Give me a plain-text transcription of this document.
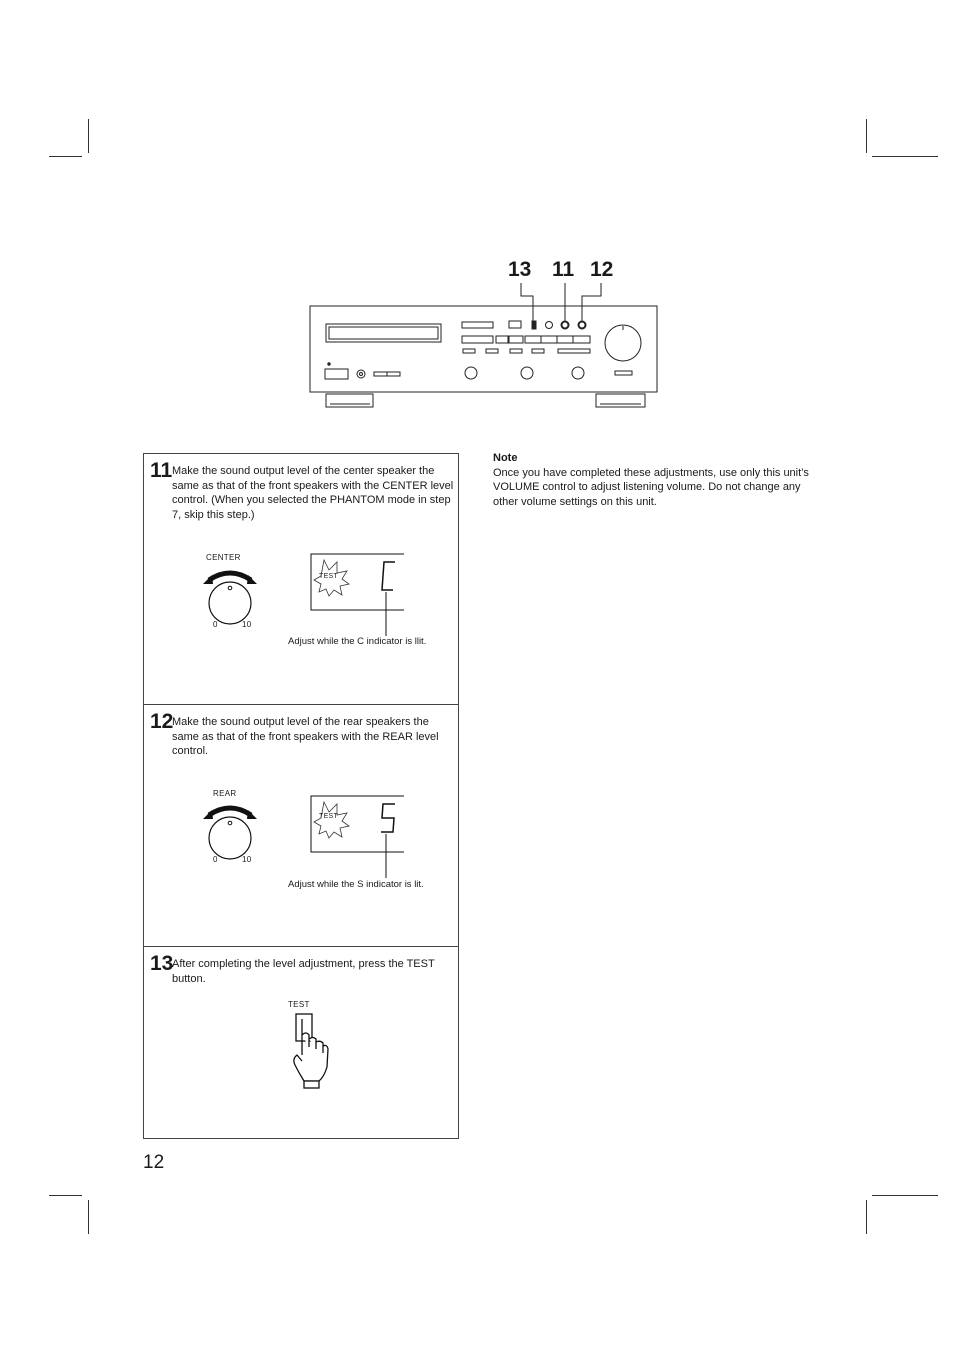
13 11 12
11 Make the sound output level of the center speaker the same as that of the front speakers with the CENTER level control. (When you selected the PHANTOM mode in step 7, skip this step.)
CENTER
0	10
TEST
Adjust while the C indicator is llit.
12
Make the sound output level of the rear speakers the same as that of the front speakers with the REAR level control.
REAR
0	10
TEST
Adjust while the S indicator is lit.
13
After completing the level adjustment, press the TEST button.
TEST
Note
Once you have completed these adjustments, use only this unit’s VOLUME control to adjust listening volume. Do not change any other volume settings on this unit.
12
